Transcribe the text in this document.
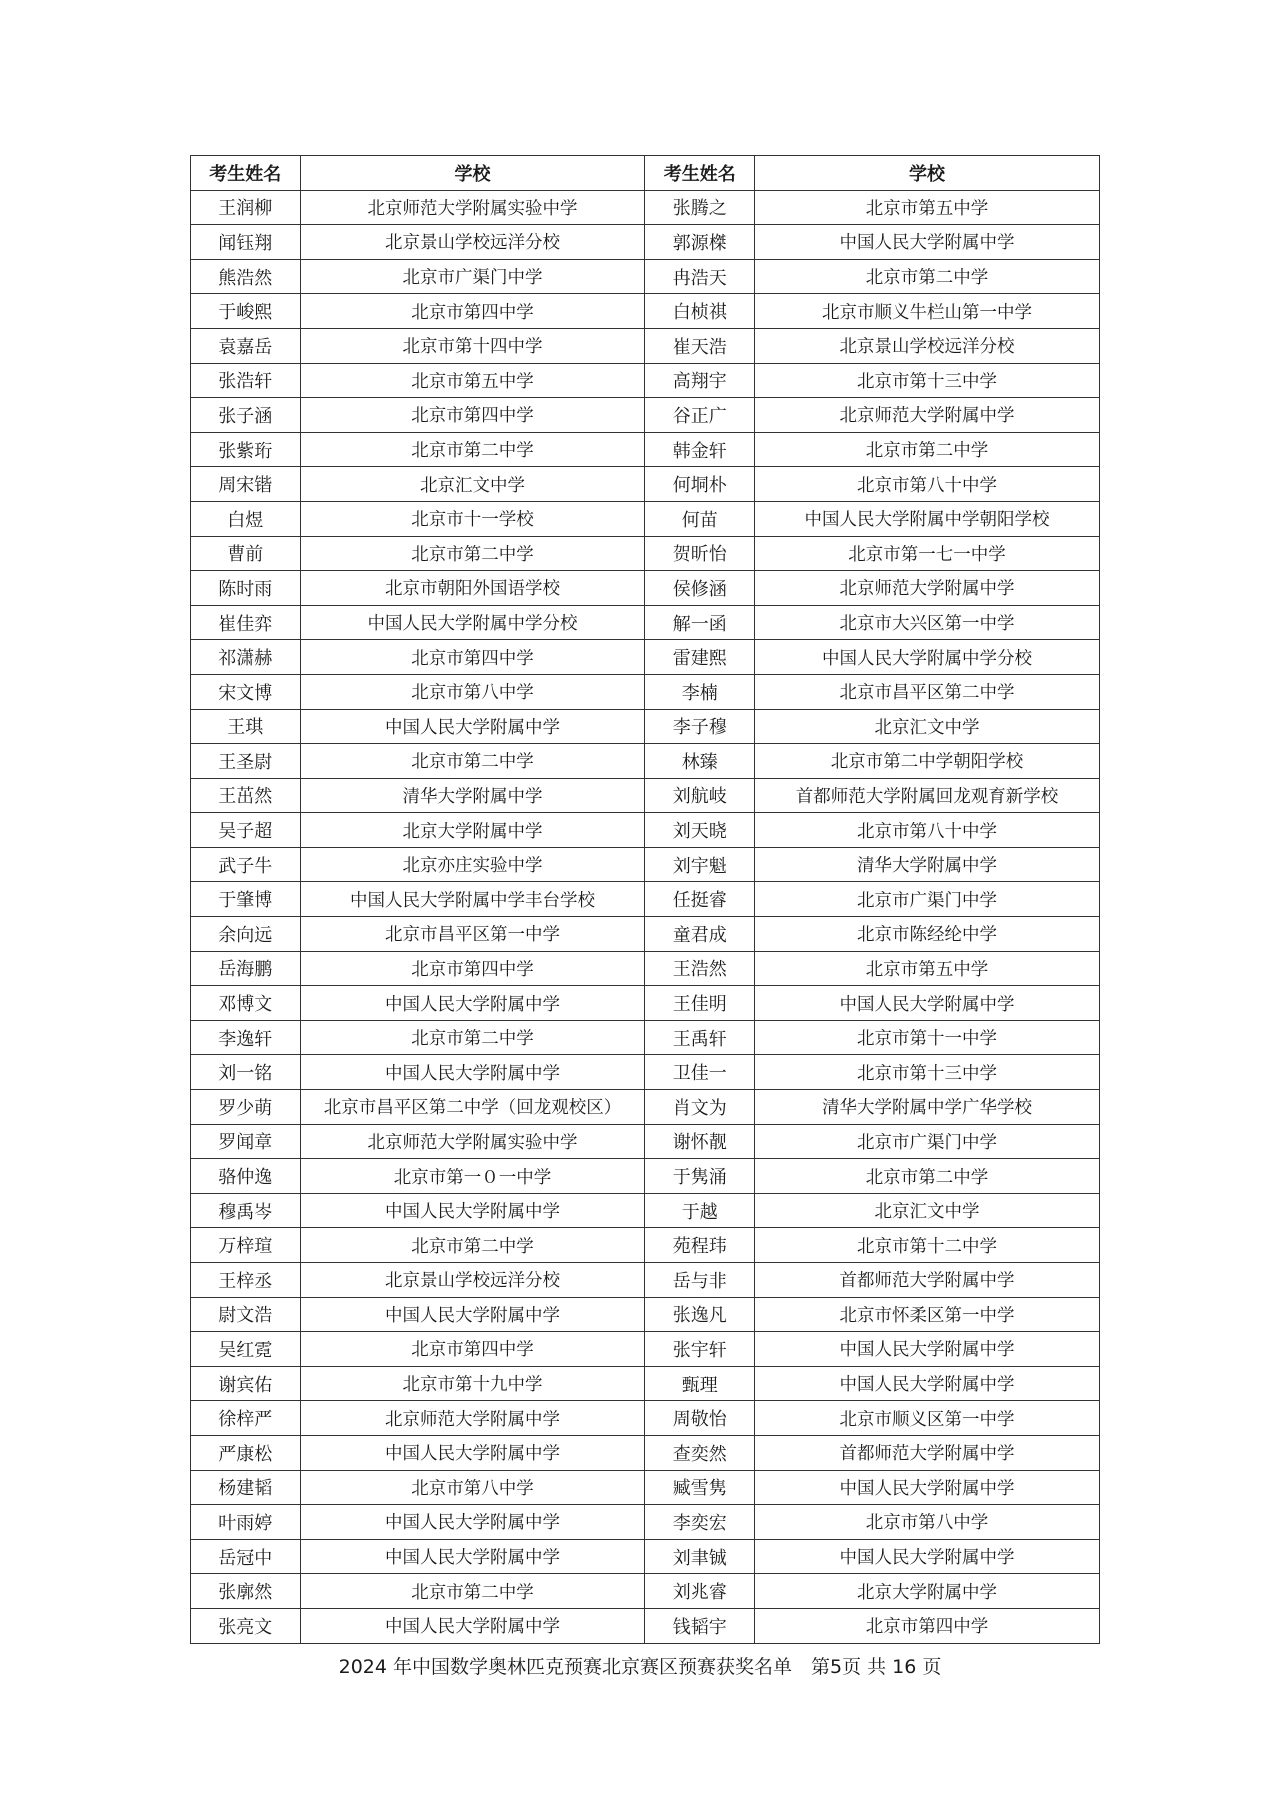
考生姓名	学校	考生姓名	学校
王润柳	北京师范大学附属实验中学	张腾之	北京市第五中学
闻钰翔	北京景山学校远洋分校	郭源榤	中国人民大学附属中学
熊浩然	北京市广渠门中学	冉浩天	北京市第二中学
于峻熙	北京市第四中学	白桢祺	北京市顺义牛栏山第一中学
袁嘉岳	北京市第十四中学	崔天浩	北京景山学校远洋分校
张浩轩	北京市第五中学	高翔宇	北京市第十三中学
张子涵	北京市第四中学	谷正广	北京师范大学附属中学
张紫珩	北京市第二中学	韩金轩	北京市第二中学
周宋锴	北京汇文中学	何垌朴	北京市第八十中学
白煜	北京市十一学校	何苗	中国人民大学附属中学朝阳学校
曹前	北京市第二中学	贺昕怡	北京市第一七一中学
陈时雨	北京市朝阳外国语学校	侯修涵	北京师范大学附属中学
崔佳弈	中国人民大学附属中学分校	解一函	北京市大兴区第一中学
祁潇赫	北京市第四中学	雷建熙	中国人民大学附属中学分校
宋文博	北京市第八中学	李楠	北京市昌平区第二中学
王琪	中国人民大学附属中学	李子穆	北京汇文中学
王圣尉	北京市第二中学	林臻	北京市第二中学朝阳学校
王茁然	清华大学附属中学	刘航岐	首都师范大学附属回龙观育新学校
吴子超	北京大学附属中学	刘天晓	北京市第八十中学
武子牛	北京亦庄实验中学	刘宇魁	清华大学附属中学
于肇博	中国人民大学附属中学丰台学校	任挺睿	北京市广渠门中学
余向远	北京市昌平区第一中学	童君成	北京市陈经纶中学
岳海鹏	北京市第四中学	王浩然	北京市第五中学
邓博文	中国人民大学附属中学	王佳明	中国人民大学附属中学
李逸轩	北京市第二中学	王禹轩	北京市第十一中学
刘一铭	中国人民大学附属中学	卫佳一	北京市第十三中学
罗少萌	北京市昌平区第二中学（回龙观校区）	肖文为	清华大学附属中学广华学校
罗闻章	北京师范大学附属实验中学	谢怀靓	北京市广渠门中学
骆仲逸	北京市第一０一中学	于隽涌	北京市第二中学
穆禹岑	中国人民大学附属中学	于越	北京汇文中学
万梓瑄	北京市第二中学	苑程玮	北京市第十二中学
王梓丞	北京景山学校远洋分校	岳与非	首都师范大学附属中学
尉文浩	中国人民大学附属中学	张逸凡	北京市怀柔区第一中学
吴红霓	北京市第四中学	张宇轩	中国人民大学附属中学
谢宾佑	北京市第十九中学	甄理	中国人民大学附属中学
徐梓严	北京师范大学附属中学	周敬怡	北京市顺义区第一中学
严康松	中国人民大学附属中学	查奕然	首都师范大学附属中学
杨建韬	北京市第八中学	臧雪隽	中国人民大学附属中学
叶雨婷	中国人民大学附属中学	李奕宏	北京市第八中学
岳冠中	中国人民大学附属中学	刘聿铖	中国人民大学附属中学
张廓然	北京市第二中学	刘兆睿	北京大学附属中学
张亮文	中国人民大学附属中学	钱韬宇	北京市第四中学
2024 年中国数学奥林匹克预赛北京赛区预赛获奖名单　第5页 共 16 页
